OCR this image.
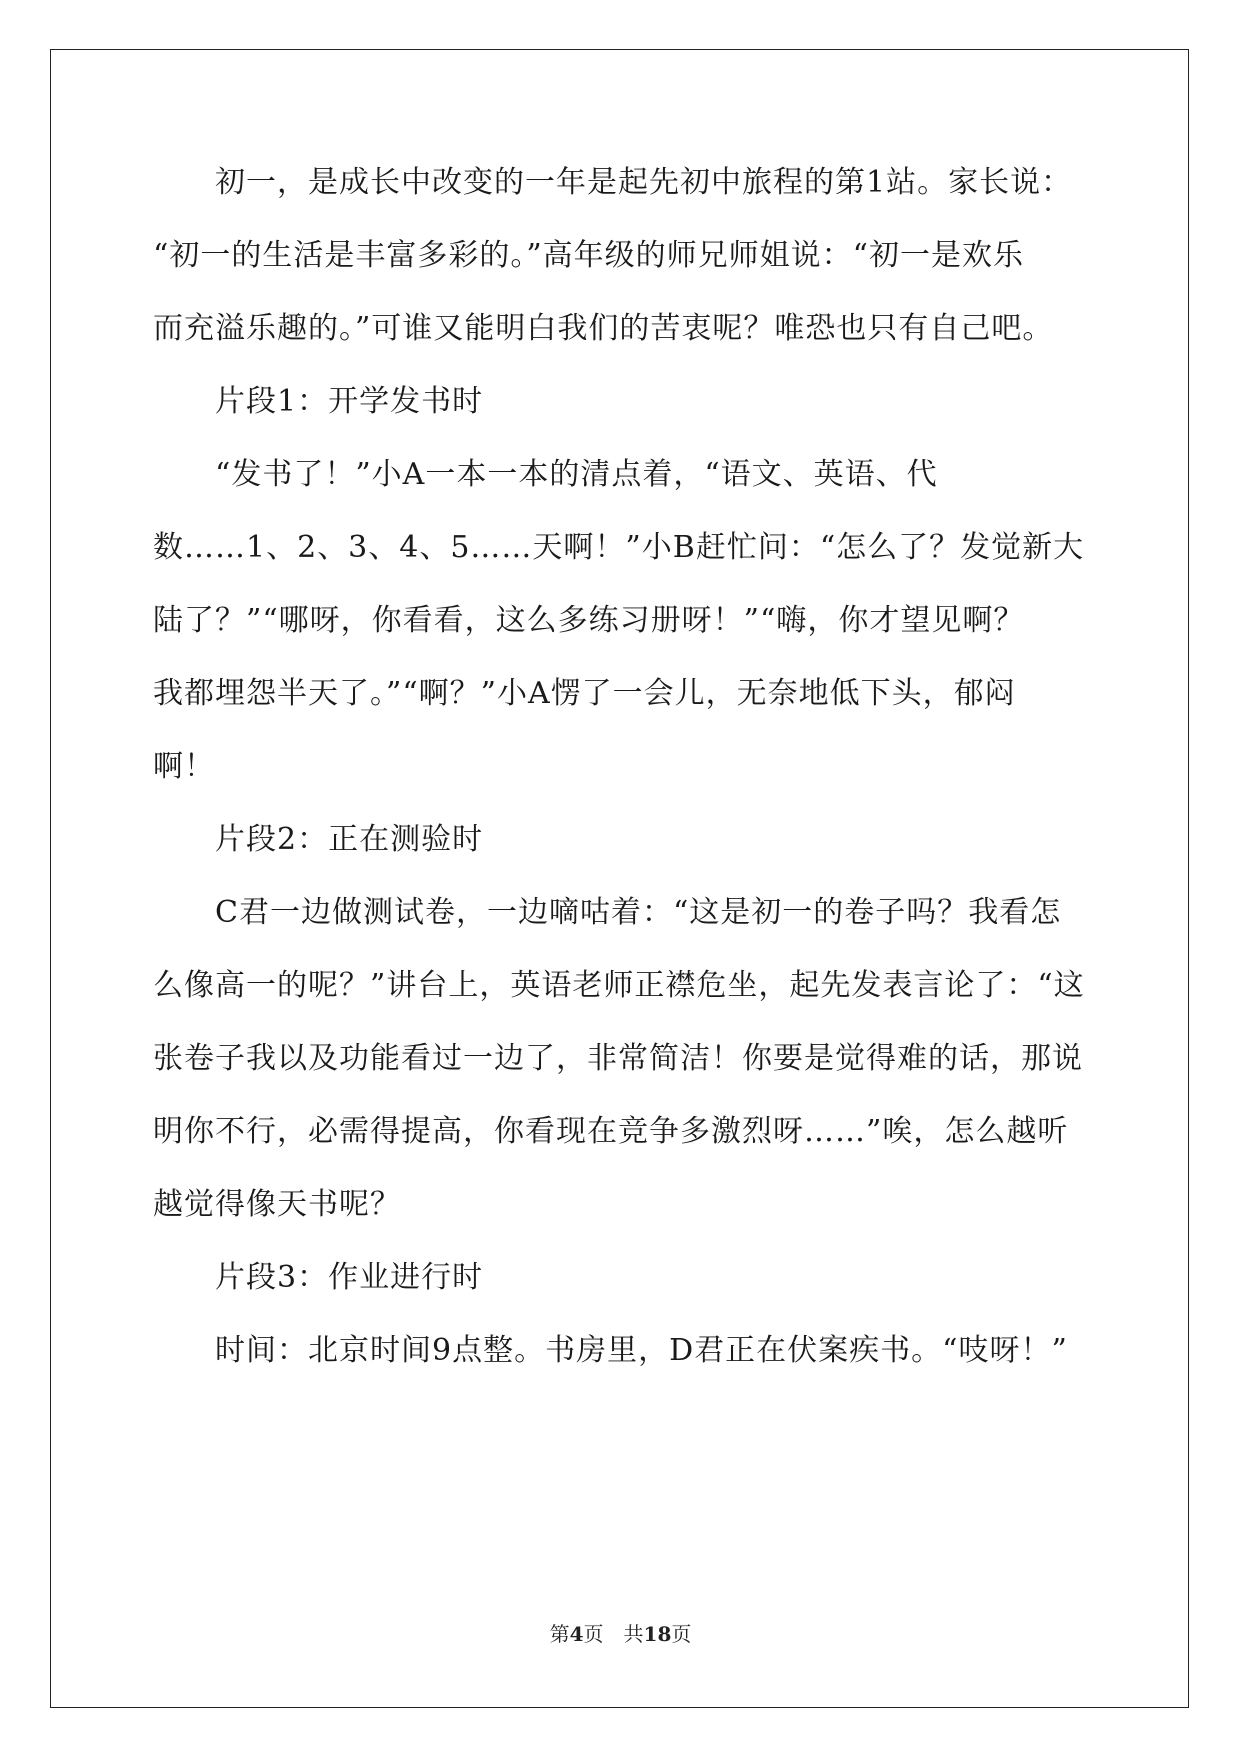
初一，是成长中改变的一年是起先初中旅程的第1站。家长说：
“初一的生活是丰富多彩的。”高年级的师兄师姐说：“初一是欢乐
而充溢乐趣的。”可谁又能明白我们的苦衷呢？唯恐也只有自己吧。
片段1：开学发书时
“发书了！”小A一本一本的清点着，“语文、英语、代
数……1、2、3、4、5……天啊！”小B赶忙问：“怎么了？发觉新大
陆了？”“哪呀，你看看，这么多练习册呀！”“嗨，你才望见啊？
我都埋怨半天了。”“啊？”小A愣了一会儿，无奈地低下头，郁闷
啊！
片段2：正在测验时
C君一边做测试卷，一边嘀咕着：“这是初一的卷子吗？我看怎
么像高一的呢？”讲台上，英语老师正襟危坐，起先发表言论了：“这
张卷子我以及功能看过一边了，非常简洁！你要是觉得难的话，那说
明你不行，必需得提高，你看现在竞争多激烈呀……”唉，怎么越听
越觉得像天书呢？
片段3：作业进行时
时间：北京时间9点整。书房里，D君正在伏案疾书。“吱呀！”
第4页　共18页
